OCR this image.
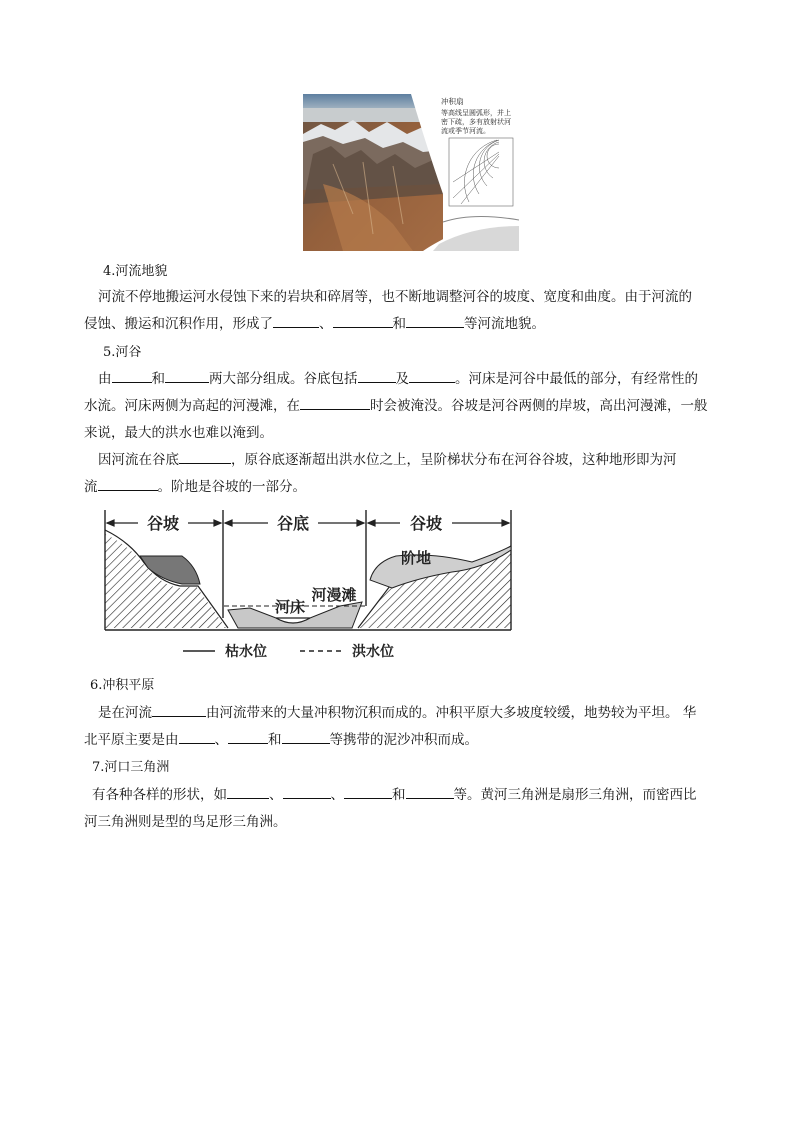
冲积扇
等高线呈圆弧形，并上
密下疏，多有放射状河
流或季节河流。
4.河流地貌
河流不停地搬运河水侵蚀下来的岩块和碎屑等，也不断地调整河谷的坡度、宽度和曲度。由于河流的
侵蚀、搬运和沉积作用，形成了	、	和	等河流地貌。
5.河谷
由	和	两大部分组成。谷底包括	及	。河床是河谷中最低的部分，有经常性的
水流。河床两侧为高起的河漫滩，在	时会被淹没。谷坡是河谷两侧的岸坡，高出河漫滩，一般
来说，最大的洪水也难以淹到。
因河流在谷底	，原谷底逐渐超出洪水位之上，呈阶梯状分布在河谷谷坡，这种地形即为河
流	。阶地是谷坡的一部分。
谷坡	谷底	谷坡
阶地
河漫滩
河床
枯水位	洪水位
6.冲积平原
是在河流	由河流带来的大量冲积物沉积而成的。冲积平原大多坡度较缓，地势较为平坦。 华
北平原主要是由	、	和	等携带的泥沙冲积而成。
7.河口三角洲
有各种各样的形状，如	、	、	和	等。黄河三角洲是扇形三角洲，而密西比
河三角洲则是型的鸟足形三角洲。
